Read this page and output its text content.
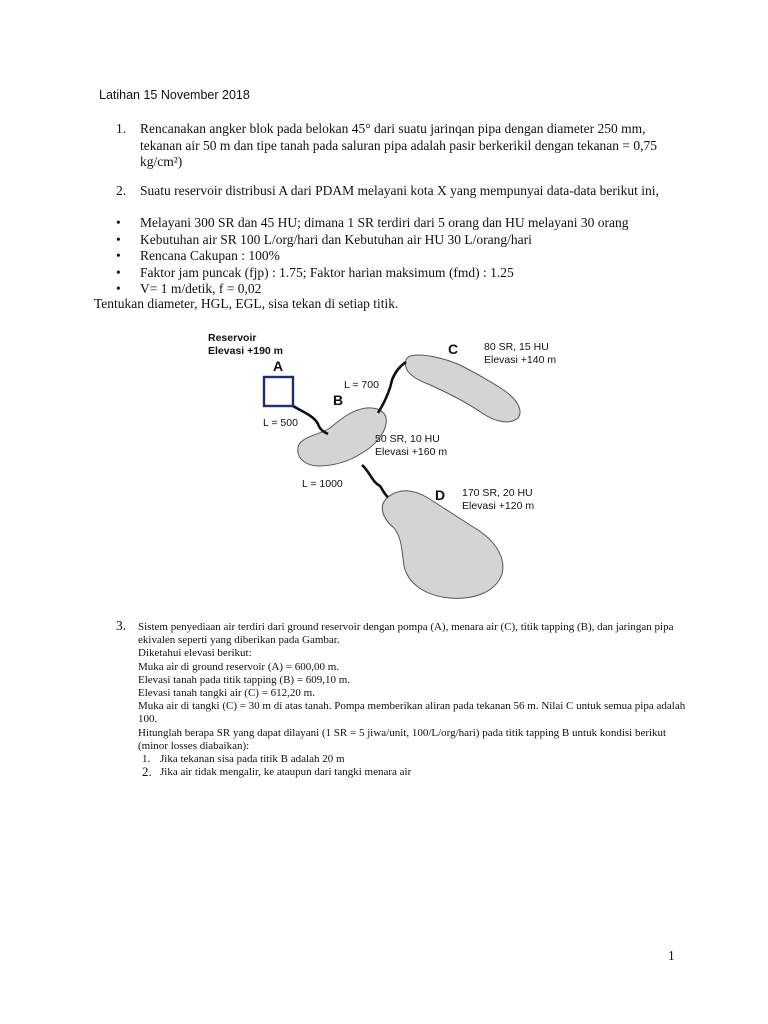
Latihan 15 November 2018
1. Rencanakan angker blok pada belokan 45° dari suatu jarinqan pipa dengan diameter 250 mm, tekanan air 50 m dan tipe tanah pada saluran pipa adalah pasir berkerikil dengan tekanan = 0,75 kg/cm²)
2. Suatu reservoir distribusi A dari PDAM melayani kota X yang mempunyai data-data berikut ini,
• Melayani 300 SR dan 45 HU; dimana 1 SR terdiri dari 5 orang dan HU melayani 30 orang
• Kebutuhan air SR 100 L/org/hari dan Kebutuhan air HU 30 L/orang/hari
• Rencana Cakupan : 100%
• Faktor jam puncak (fjp) : 1.75; Faktor harian maksimum (fmd) : 1.25
• V= 1 m/detik, f = 0,02
Tentukan diameter, HGL, EGL, sisa tekan di setiap titik.
Reservoir
Elevasi +190 m
A
B
C
D
L = 500
L = 700
L = 1000
50 SR, 10 HU
Elevasi +160 m
80 SR, 15 HU
Elevasi +140 m
170 SR, 20 HU
Elevasi +120 m
3. Sistem penyediaan air terdiri dari ground reservoir dengan pompa (A), menara air (C), titik tapping (B), dan jaringan pipa ekivalen seperti yang diberikan pada Gambar.
Diketahui elevasi berikut:
Muka air di ground reservoir (A) = 600,00 m.
Elevasi tanah pada titik tapping (B) = 609,10 m.
Elevasi tanah tangki air (C) = 612,20 m.
Muka air di tangki (C) = 30 m di atas tanah. Pompa memberikan aliran pada tekanan 56 m. Nilai C untuk semua pipa adalah 100.
Hitunglah berapa SR yang dapat dilayani (1 SR = 5 jiwa/unit, 100/L/org/hari) pada titik tapping B untuk kondisi berikut (minor losses diabaikan):
1. Jika tekanan sisa pada titik B adalah 20 m
2. Jika air tidak mengalir, ke ataupun dari tangki menara air
1
